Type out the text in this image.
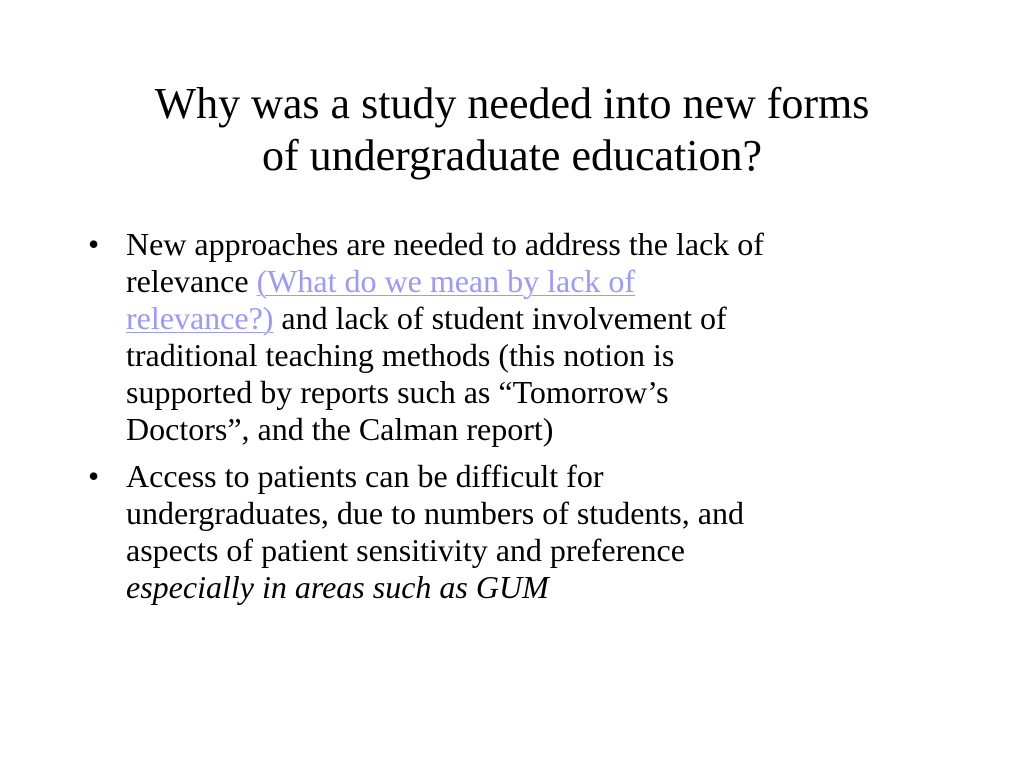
Why was a study needed into new forms
of undergraduate education?
• New approaches are needed to address the lack of
relevance (What do we mean by lack of
relevance?) and lack of student involvement of
traditional teaching methods (this notion is
supported by reports such as “Tomorrow’s
Doctors”, and the Calman report)
• Access to patients can be difficult for
undergraduates, due to numbers of students, and
aspects of patient sensitivity and preference
especially in areas such as GUM
